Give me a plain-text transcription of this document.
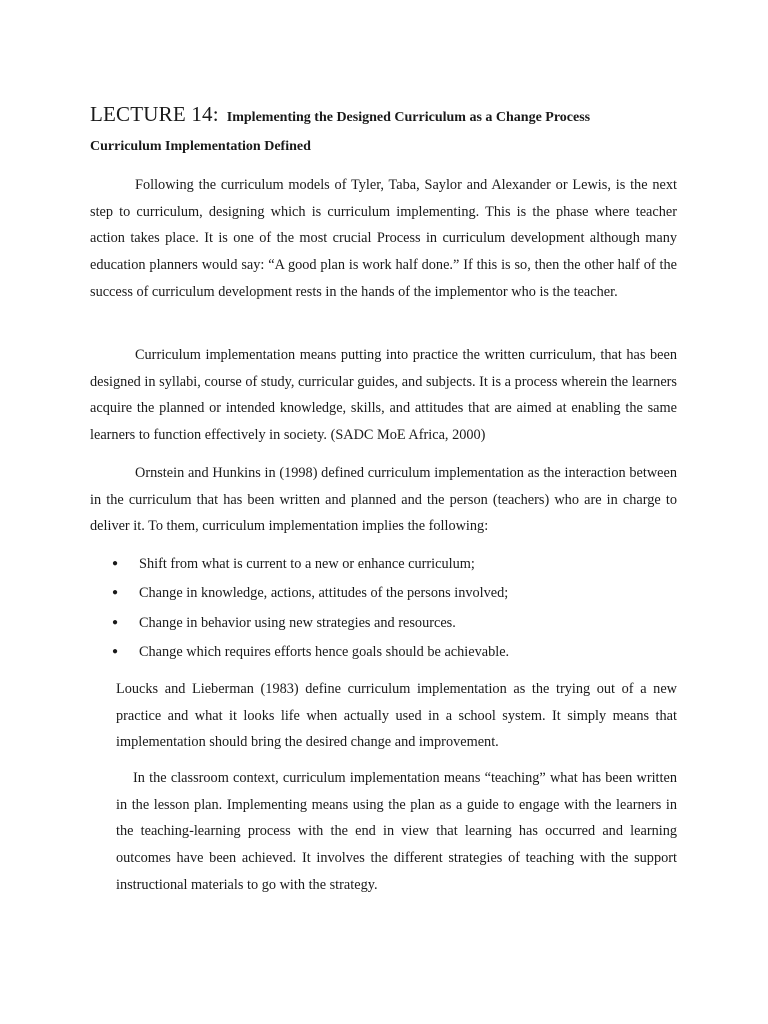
LECTURE 14: Implementing the Designed Curriculum as a Change Process
Curriculum Implementation Defined

Following the curriculum models of Tyler, Taba, Saylor and Alexander or Lewis, is the next step to curriculum, designing which is curriculum implementing. This is the phase where teacher action takes place. It is one of the most crucial Process in curriculum development although many education planners would say: “A good plan is work half done.” If this is so, then the other half of the success of curriculum development rests in the hands of the implementor who is the teacher.

Curriculum implementation means putting into practice the written curriculum, that has been designed in syllabi, course of study, curricular guides, and subjects. It is a process wherein the learners acquire the planned or intended knowledge, skills, and attitudes that are aimed at enabling the same learners to function effectively in society. (SADC MoE Africa, 2000)

Ornstein and Hunkins in (1998) defined curriculum implementation as the interaction between in the curriculum that has been written and planned and the person (teachers) who are in charge to deliver it. To them, curriculum implementation implies the following:

● Shift from what is current to a new or enhance curriculum;
● Change in knowledge, actions, attitudes of the persons involved;
● Change in behavior using new strategies and resources.
● Change which requires efforts hence goals should be achievable.

Loucks and Lieberman (1983) define curriculum implementation as the trying out of a new practice and what it looks life when actually used in a school system. It simply means that implementation should bring the desired change and improvement.

In the classroom context, curriculum implementation means “teaching” what has been written in the lesson plan. Implementing means using the plan as a guide to engage with the learners in the teaching-learning process with the end in view that learning has occurred and learning outcomes have been achieved. It involves the different strategies of teaching with the support instructional materials to go with the strategy.
